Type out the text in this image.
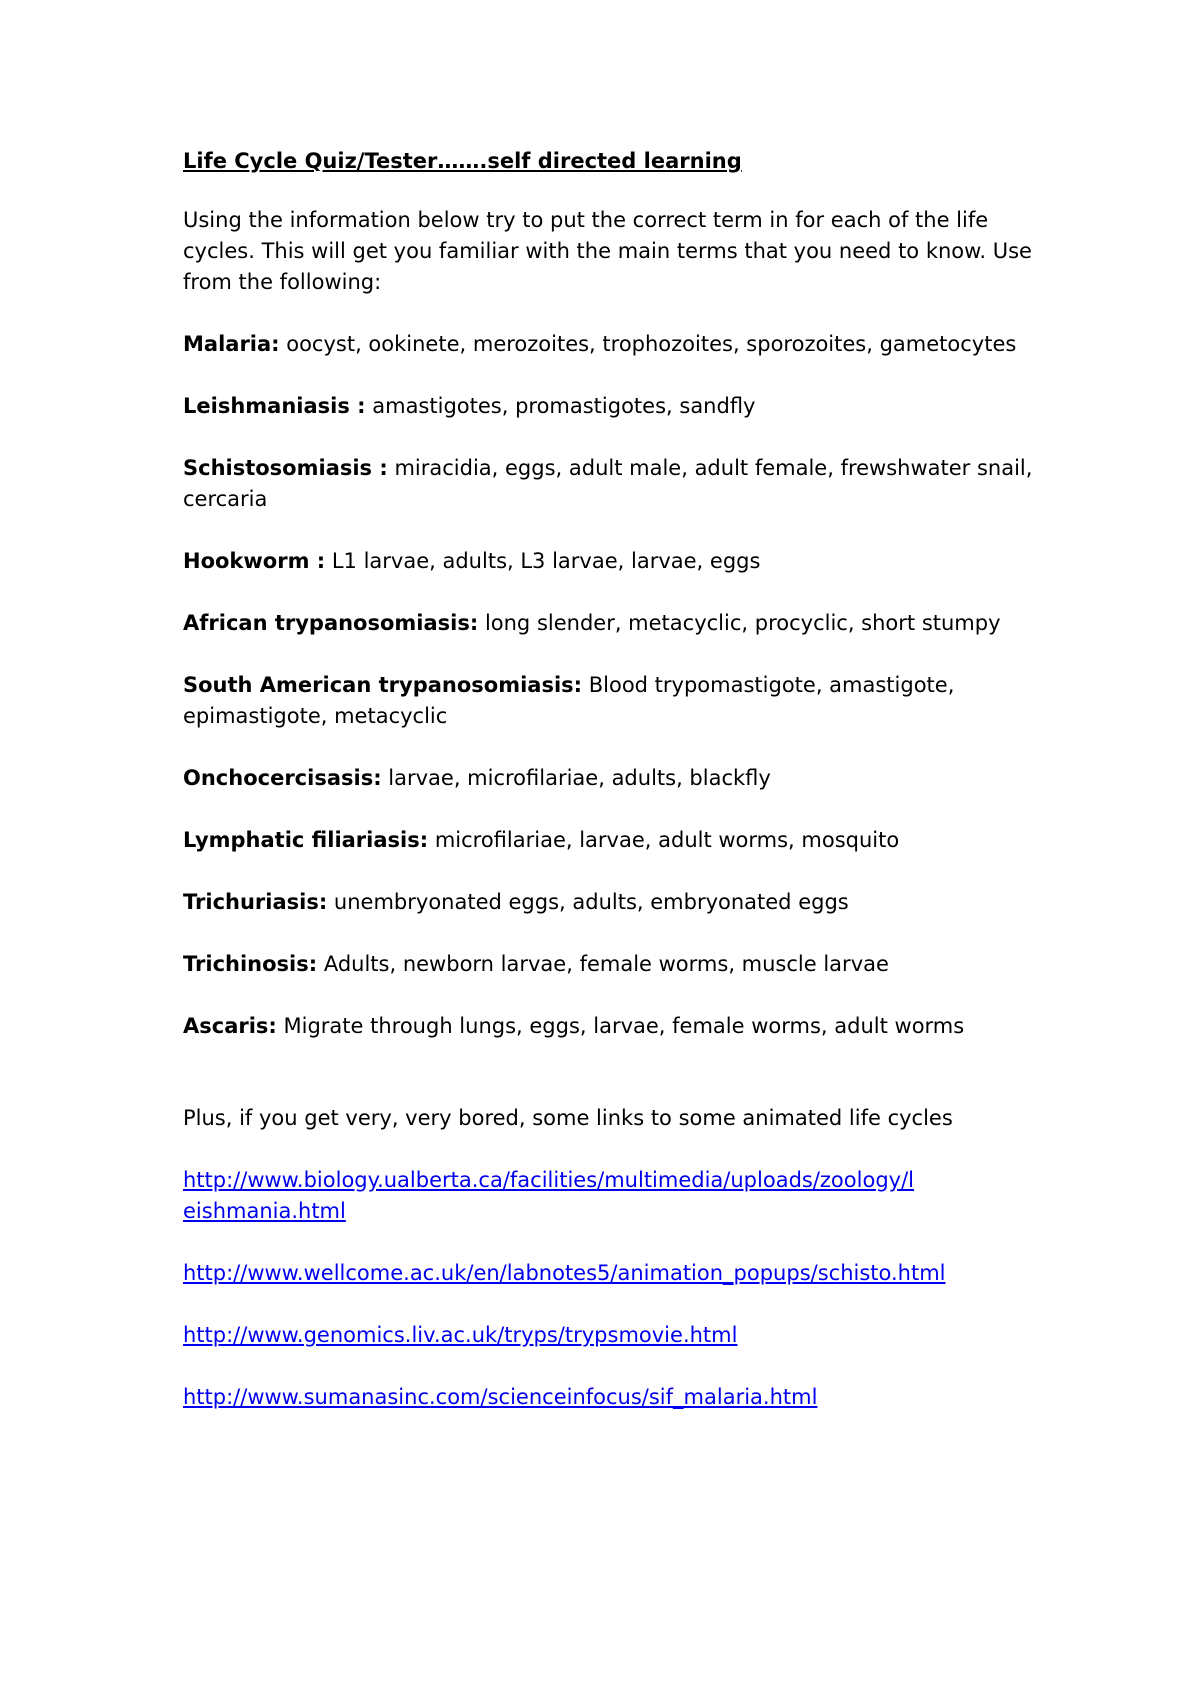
Life Cycle Quiz/Tester…….self directed learning
Using the information below try to put the correct term in for each of the life cycles. This will get you familiar with the main terms that you need to know. Use from the following:
Malaria: oocyst, ookinete, merozoites, trophozoites, sporozoites, gametocytes
Leishmaniasis : amastigotes, promastigotes, sandfly
Schistosomiasis : miracidia, eggs, adult male, adult female, frewshwater snail, cercaria
Hookworm : L1 larvae, adults, L3 larvae, larvae, eggs
African trypanosomiasis: long slender, metacyclic, procyclic, short stumpy
South American trypanosomiasis: Blood trypomastigote, amastigote, epimastigote, metacyclic
Onchocercisasis: larvae, microfilariae, adults, blackfly
Lymphatic filiariasis: microfilariae, larvae, adult worms, mosquito
Trichuriasis: unembryonated eggs, adults, embryonated eggs
Trichinosis: Adults, newborn larvae, female worms, muscle larvae
Ascaris: Migrate through lungs, eggs, larvae, female worms, adult worms
Plus, if you get very, very bored, some links to some animated life cycles
http://www.biology.ualberta.ca/facilities/multimedia/uploads/zoology/leishmania.html
http://www.wellcome.ac.uk/en/labnotes5/animation_popups/schisto.html
http://www.genomics.liv.ac.uk/tryps/trypsmovie.html
http://www.sumanasinc.com/scienceinfocus/sif_malaria.html
